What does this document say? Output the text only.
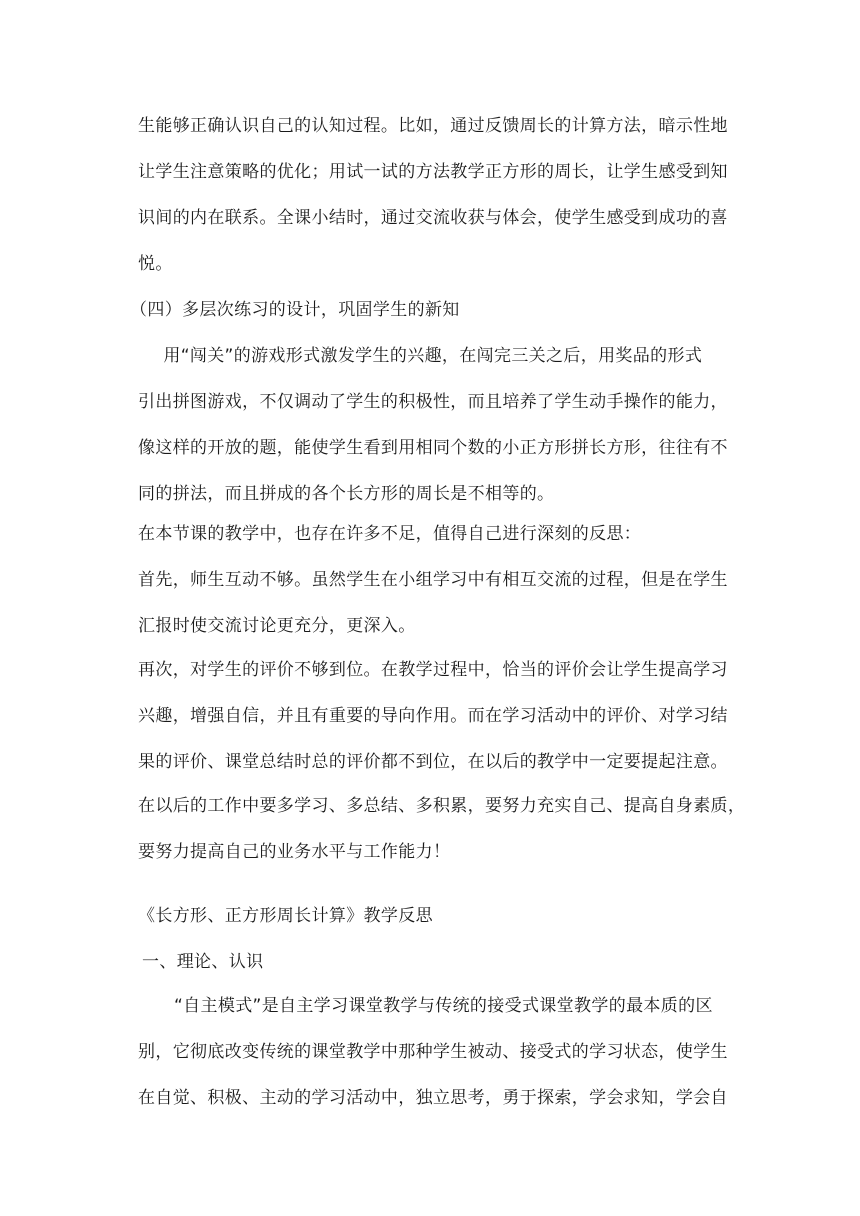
生能够正确认识自己的认知过程。比如，通过反馈周长的计算方法，暗示性地
让学生注意策略的优化；用试一试的方法教学正方形的周长，让学生感受到知
识间的内在联系。全课小结时，通过交流收获与体会，使学生感受到成功的喜
悦。
（四）多层次练习的设计，巩固学生的新知
　用“闯关”的游戏形式激发学生的兴趣，在闯完三关之后，用奖品的形式
引出拼图游戏，不仅调动了学生的积极性，而且培养了学生动手操作的能力，
像这样的开放的题，能使学生看到用相同个数的小正方形拼长方形，往往有不
同的拼法，而且拼成的各个长方形的周长是不相等的。
在本节课的教学中，也存在许多不足，值得自己进行深刻的反思：
首先，师生互动不够。虽然学生在小组学习中有相互交流的过程，但是在学生
汇报时使交流讨论更充分，更深入。
再次，对学生的评价不够到位。在教学过程中，恰当的评价会让学生提高学习
兴趣，增强自信，并且有重要的导向作用。而在学习活动中的评价、对学习结
果的评价、课堂总结时总的评价都不到位，在以后的教学中一定要提起注意。
在以后的工作中要多学习、多总结、多积累，要努力充实自己、提高自身素质，
要努力提高自己的业务水平与工作能力！
《长方形、正方形周长计算》教学反思
一、理论、认识
“自主模式”是自主学习课堂教学与传统的接受式课堂教学的最本质的区
别，它彻底改变传统的课堂教学中那种学生被动、接受式的学习状态，使学生
在自觉、积极、主动的学习活动中，独立思考，勇于探索，学会求知，学会自
